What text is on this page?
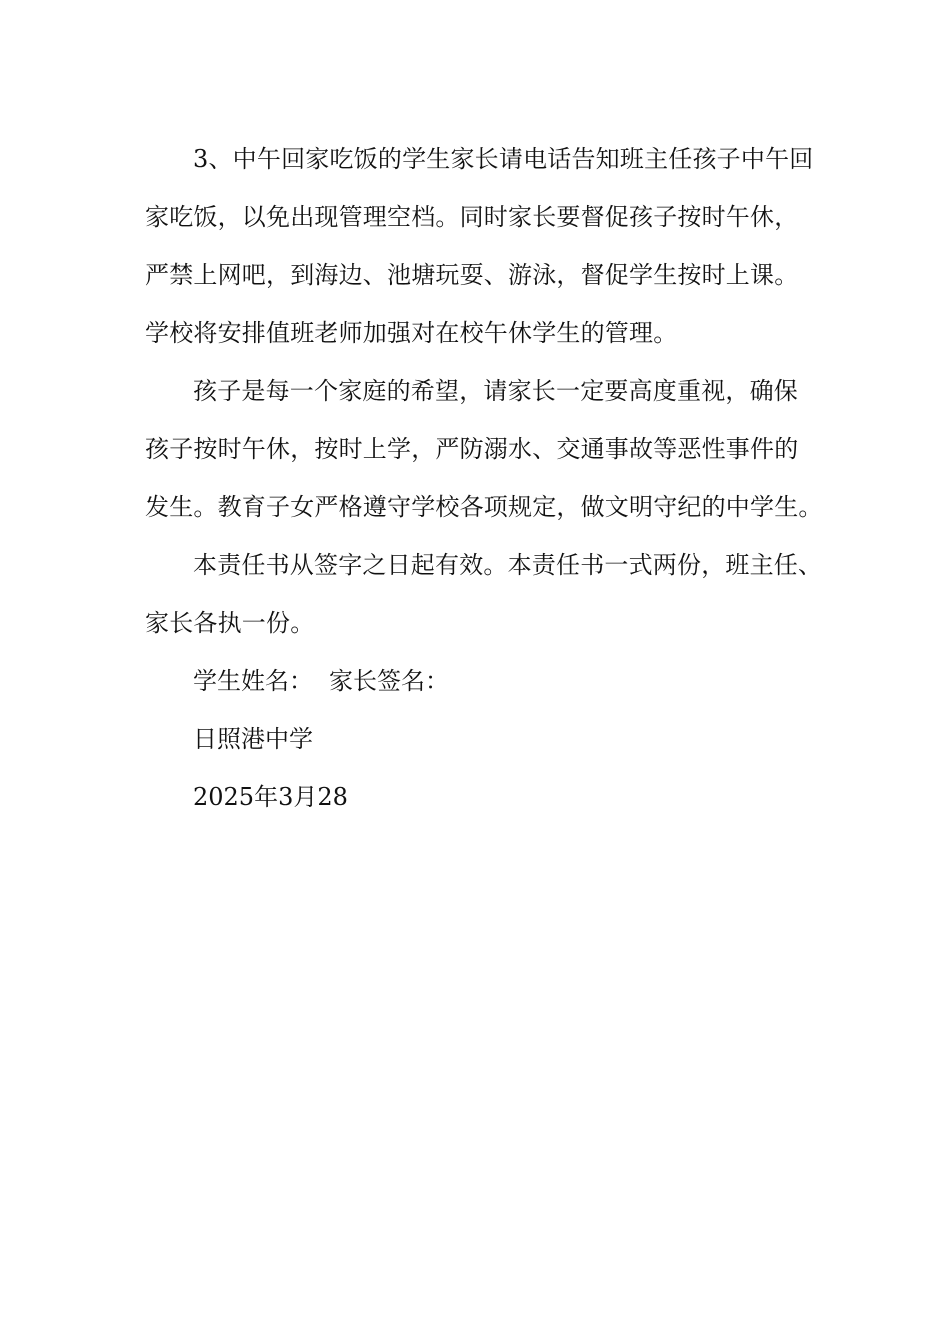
3、中午回家吃饭的学生家长请电话告知班主任孩子中午回
家吃饭，以免出现管理空档。同时家长要督促孩子按时午休，
严禁上网吧，到海边、池塘玩耍、游泳，督促学生按时上课。
学校将安排值班老师加强对在校午休学生的管理。
孩子是每一个家庭的希望，请家长一定要高度重视，确保
孩子按时午休，按时上学，严防溺水、交通事故等恶性事件的
发生。教育子女严格遵守学校各项规定，做文明守纪的中学生。
本责任书从签字之日起有效。本责任书一式两份，班主任、
家长各执一份。
学生姓名： 家长签名：
日照港中学
2025年3月28
